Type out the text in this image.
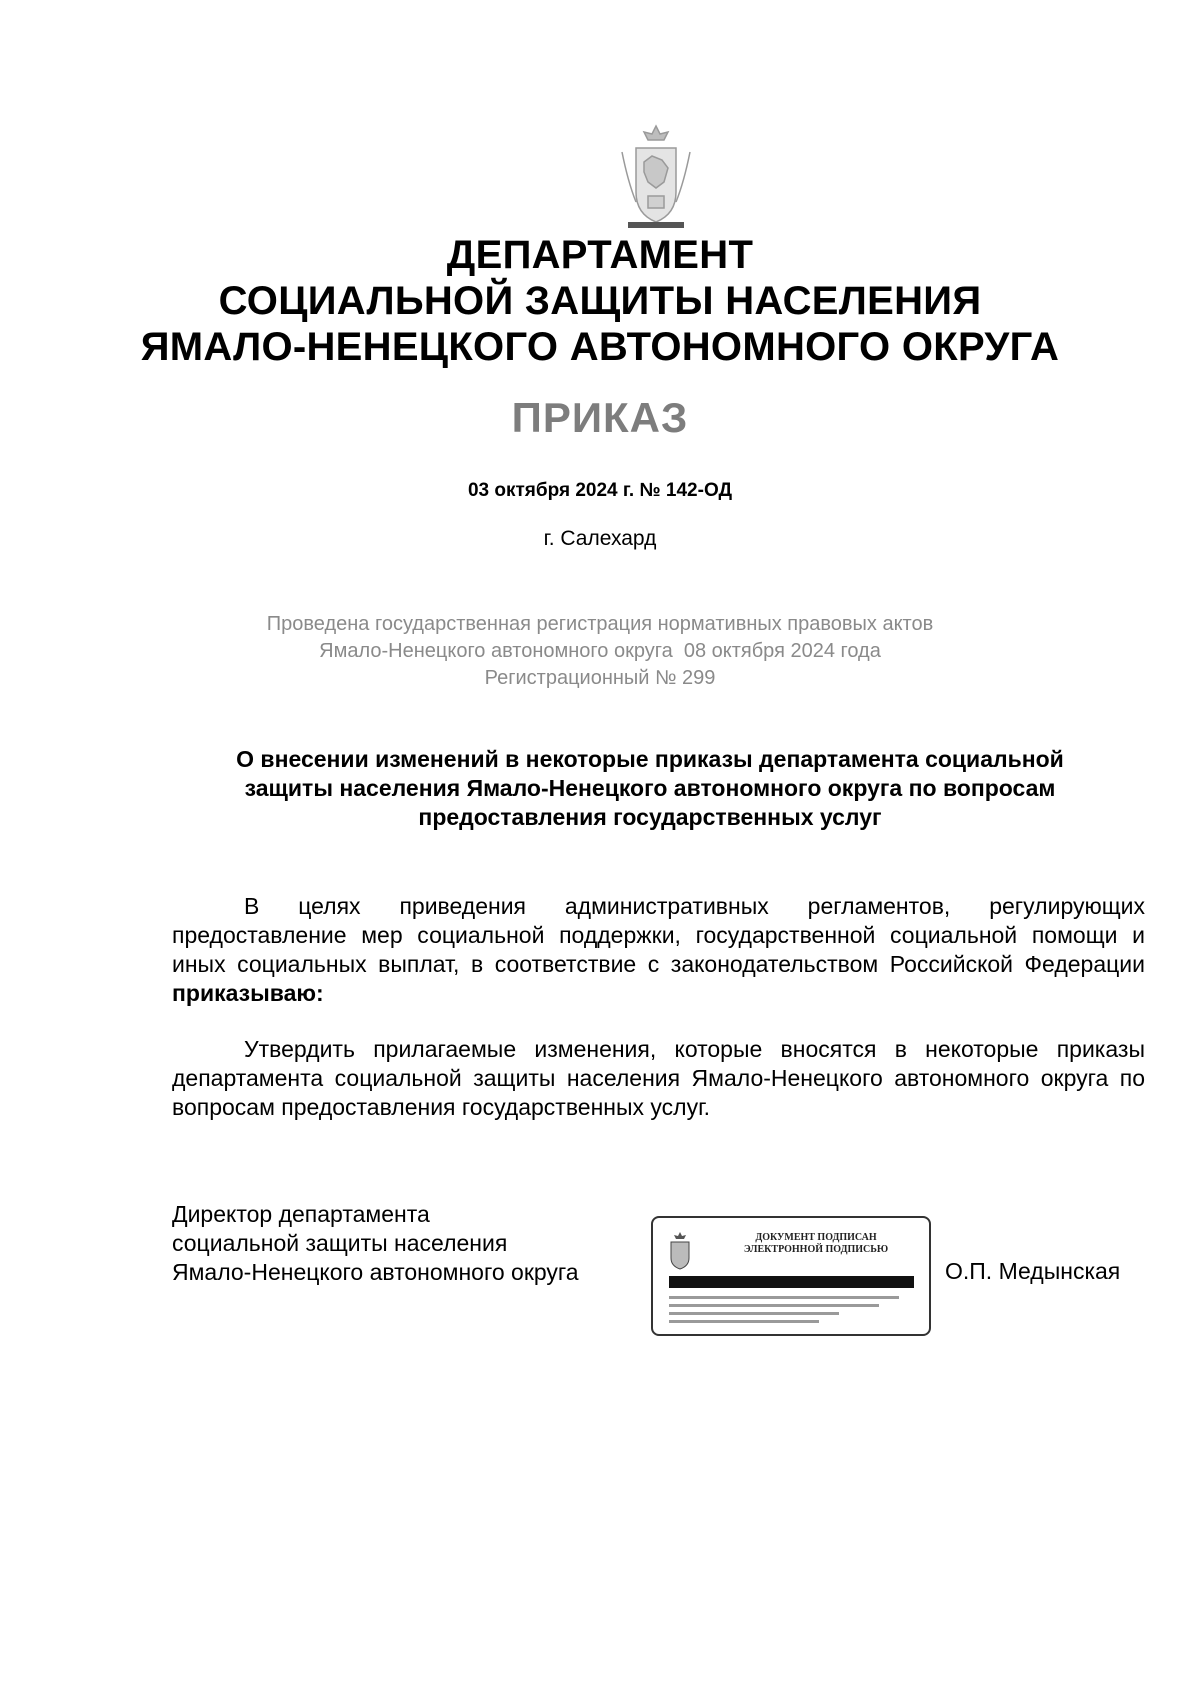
ДЕПАРТАМЕНТ
СОЦИАЛЬНОЙ ЗАЩИТЫ НАСЕЛЕНИЯ
ЯМАЛО-НЕНЕЦКОГО АВТОНОМНОГО ОКРУГА
ПРИКАЗ
03 октября 2024 г. № 142-ОД
г. Салехард
Проведена государственная регистрация нормативных правовых актов
Ямало-Ненецкого автономного округа  08 октября 2024 года
Регистрационный № 299
О внесении изменений в некоторые приказы департамента социальной
защиты населения Ямало-Ненецкого автономного округа по вопросам
предоставления государственных услуг
В целях приведения административных регламентов, регулирующих предоставление мер социальной поддержки, государственной социальной помощи и иных социальных выплат, в соответствие с законодательством Российской Федерации приказываю:
Утвердить прилагаемые изменения, которые вносятся в некоторые приказы департамента социальной защиты населения Ямало-Ненецкого автономного округа по вопросам предоставления государственных услуг.
Директор департамента
социальной защиты населения
Ямало-Ненецкого автономного округа
ДОКУМЕНТ ПОДПИСАН
ЭЛЕКТРОННОЙ ПОДПИСЬЮ
О.П. Медынская
